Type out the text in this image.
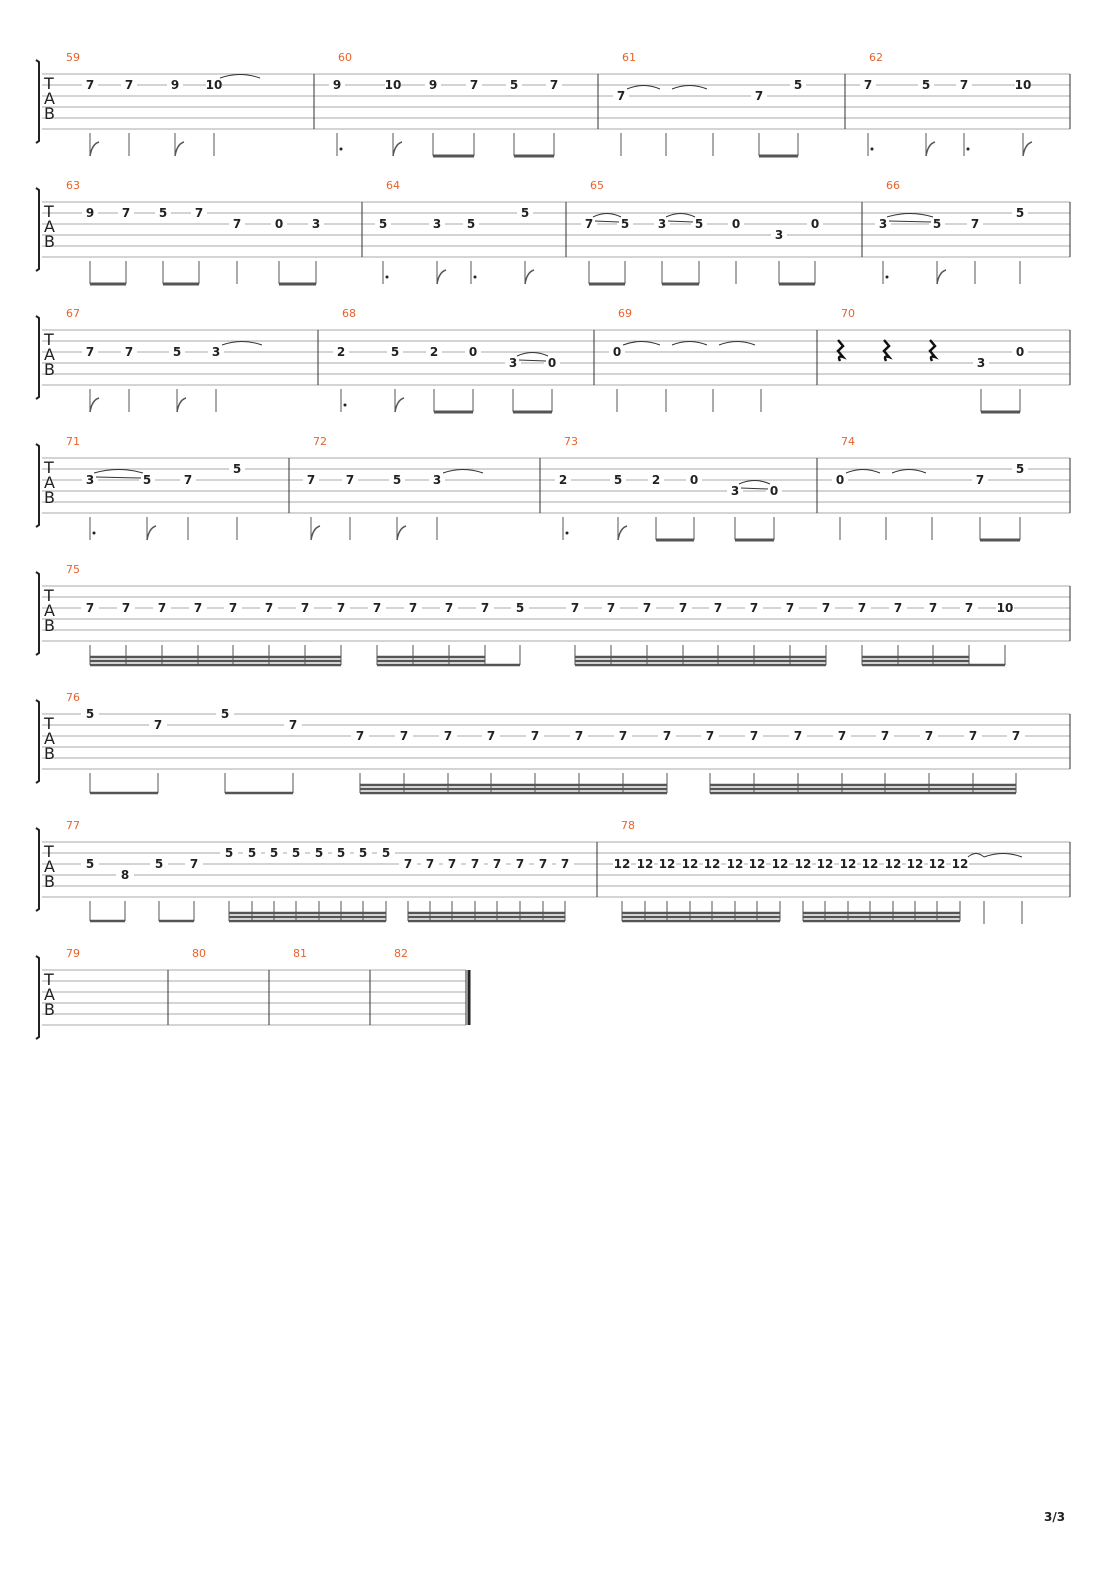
T
A
B
59
7	7	9 10
60
9	10 9	7	5	7
61
7	7
5
62
7	5 7	10
T
A
B
63
9 7 5 7
7	0 3
64
5	3 5
5
65
7 5 3 5 0
3
0
66
3	5 7
5
T
A
B
67
7	7	5	3
68
2	5	2	0
3	0
69
0
70
3
0
T
A
B
71
3	5	7
5
72
7	7	5	3
73
2	5 2 0
3	0
74
0	7
5
T
A
B
75
7 7 7 7 7 7 7 7 7 7 7 7 5	7 7 7 7 7 7 7 7 7 7 7 7 10
T
A
B
76
5
7
5
7
7	7	7	7	7	7	7	7	7	7	7	7	7	7	7	7
T
A
B
77
5
8
5 7
5 5 5 5 5 5 5 5
7 7 7 7 7 7 7 7
78
12 12 12 12 12 12 12 12 12 12 12 12 12 12 12 12
T
A
B
79	80	81	82
3/3
